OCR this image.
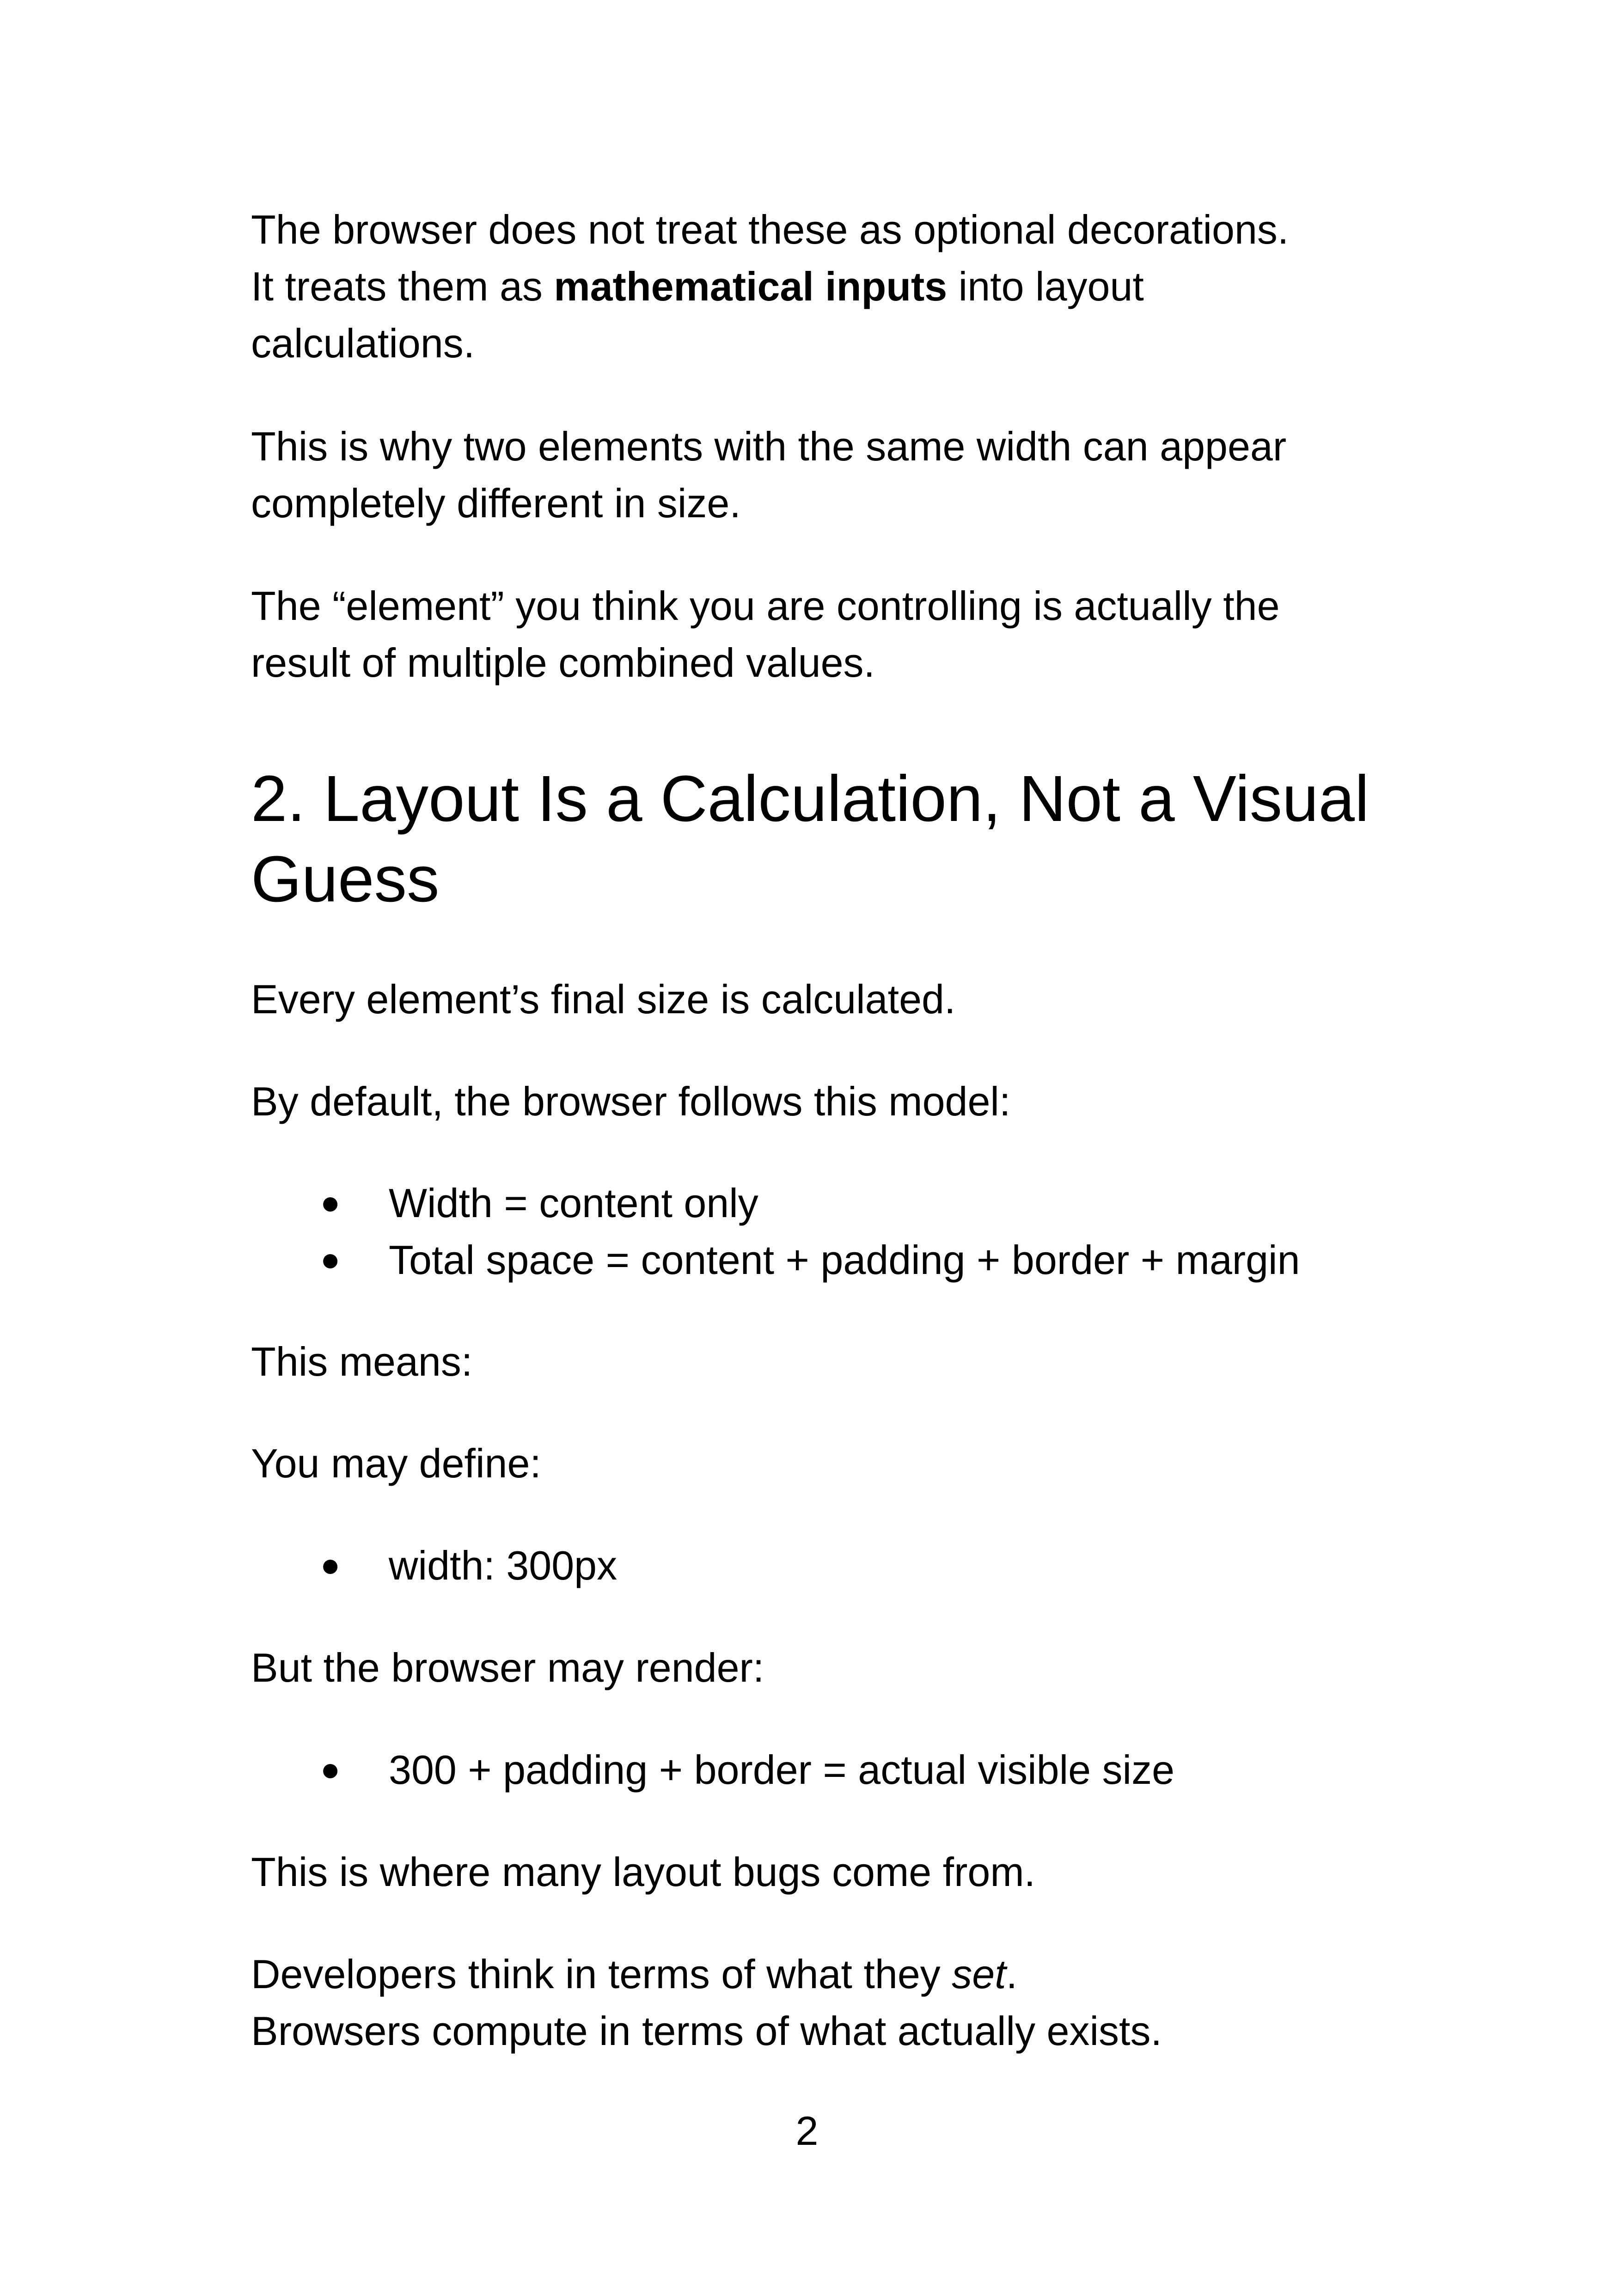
The browser does not treat these as optional decorations.
It treats them as mathematical inputs into layout
calculations.

This is why two elements with the same width can appear
completely different in size.

The “element” you think you are controlling is actually the
result of multiple combined values.

2. Layout Is a Calculation, Not a Visual
Guess

Every element’s final size is calculated.

By default, the browser follows this model:

● Width = content only
● Total space = content + padding + border + margin

This means:

You may define:

● width: 300px

But the browser may render:

● 300 + padding + border = actual visible size

This is where many layout bugs come from.

Developers think in terms of what they set.
Browsers compute in terms of what actually exists.

2
